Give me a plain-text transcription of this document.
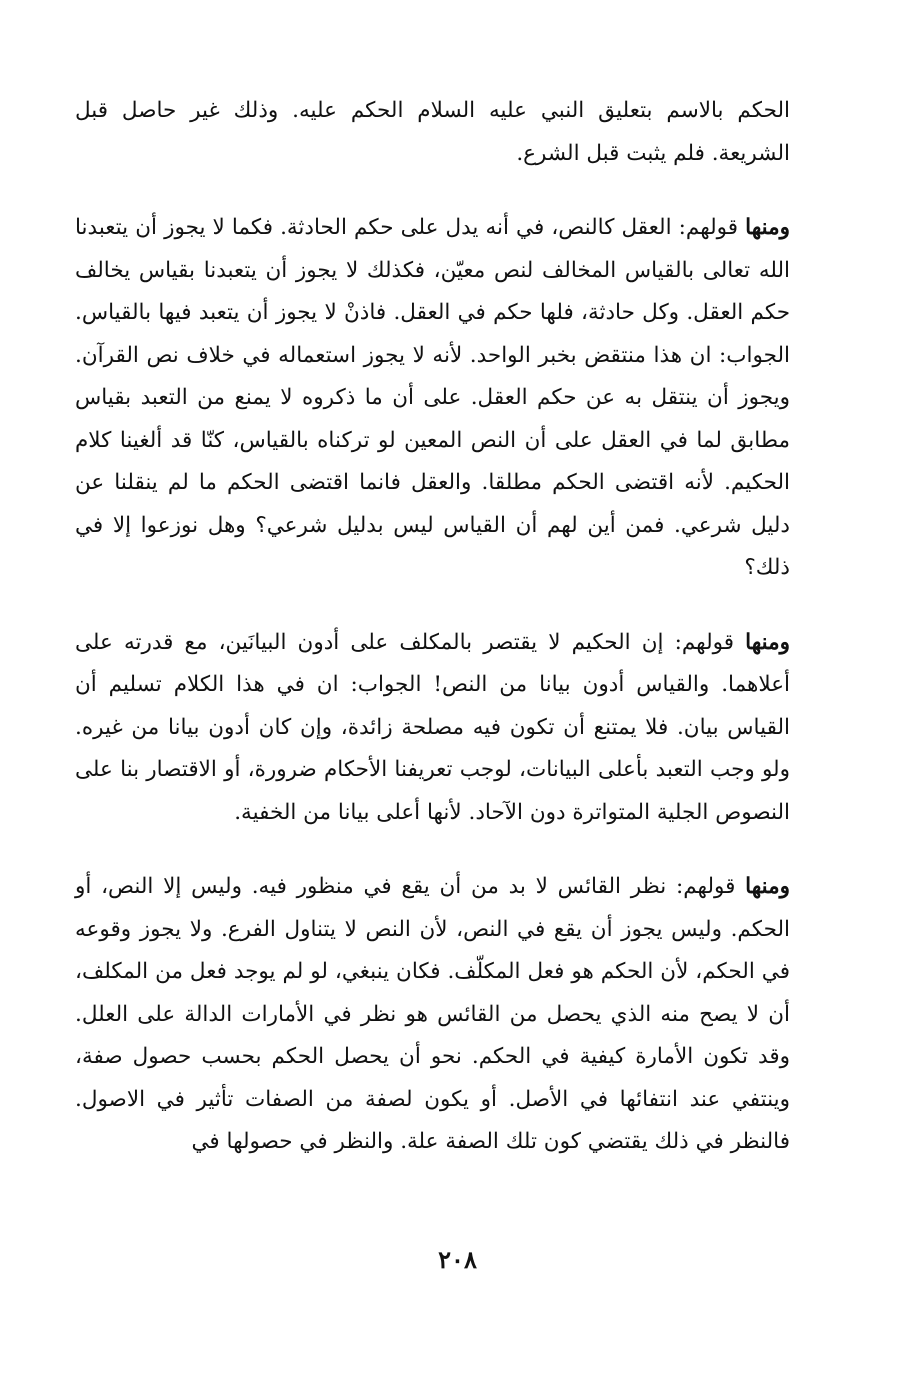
الحكم بالاسم بتعليق النبي عليه السلام الحكم عليه. وذلك غير حاصل قبل الشريعة. فلم يثبت قبل الشرع.

ومنها قولهم: العقل كالنص، في أنه يدل على حكم الحادثة. فكما لا يجوز أن يتعبدنا الله تعالى بالقياس المخالف لنص معيّن، فكذلك لا يجوز أن يتعبدنا بقياس يخالف حكم العقل. وكل حادثة، فلها حكم في العقل. فاذنْ لا يجوز أن يتعبد فيها بالقياس. الجواب: ان هذا منتقض بخبر الواحد. لأنه لا يجوز استعماله في خلاف نص القرآن. ويجوز أن ينتقل به عن حكم العقل. على أن ما ذكروه لا يمنع من التعبد بقياس مطابق لما في العقل على أن النص المعين لو تركناه بالقياس، كنّا قد ألغينا كلام الحكيم. لأنه اقتضى الحكم مطلقا. والعقل فانما اقتضى الحكم ما لم ينقلنا عن دليل شرعي. فمن أين لهم أن القياس ليس بدليل شرعي؟ وهل نوزعوا إلا في ذلك؟

ومنها قولهم: إن الحكيم لا يقتصر بالمكلف على أدون البيانَين، مع قدرته على أعلاهما. والقياس أدون بيانا من النص! الجواب: ان في هذا الكلام تسليم أن القياس بيان. فلا يمتنع أن تكون فيه مصلحة زائدة، وإن كان أدون بيانا من غيره. ولو وجب التعبد بأعلى البيانات، لوجب تعريفنا الأحكام ضرورة، أو الاقتصار بنا على النصوص الجلية المتواترة دون الآحاد. لأنها أعلى بيانا من الخفية.

ومنها قولهم: نظر القائس لا بد من أن يقع في منظور فيه. وليس إلا النص، أو الحكم. وليس يجوز أن يقع في النص، لأن النص لا يتناول الفرع. ولا يجوز وقوعه في الحكم، لأن الحكم هو فعل المكلّف. فكان ينبغي، لو لم يوجد فعل من المكلف، أن لا يصح منه الذي يحصل من القائس هو نظر في الأمارات الدالة على العلل. وقد تكون الأمارة كيفية في الحكم. نحو أن يحصل الحكم بحسب حصول صفة، وينتفي عند انتفائها في الأصل. أو يكون لصفة من الصفات تأثير في الاصول. فالنظر في ذلك يقتضي كون تلك الصفة علة. والنظر في حصولها في

٢٠٨
